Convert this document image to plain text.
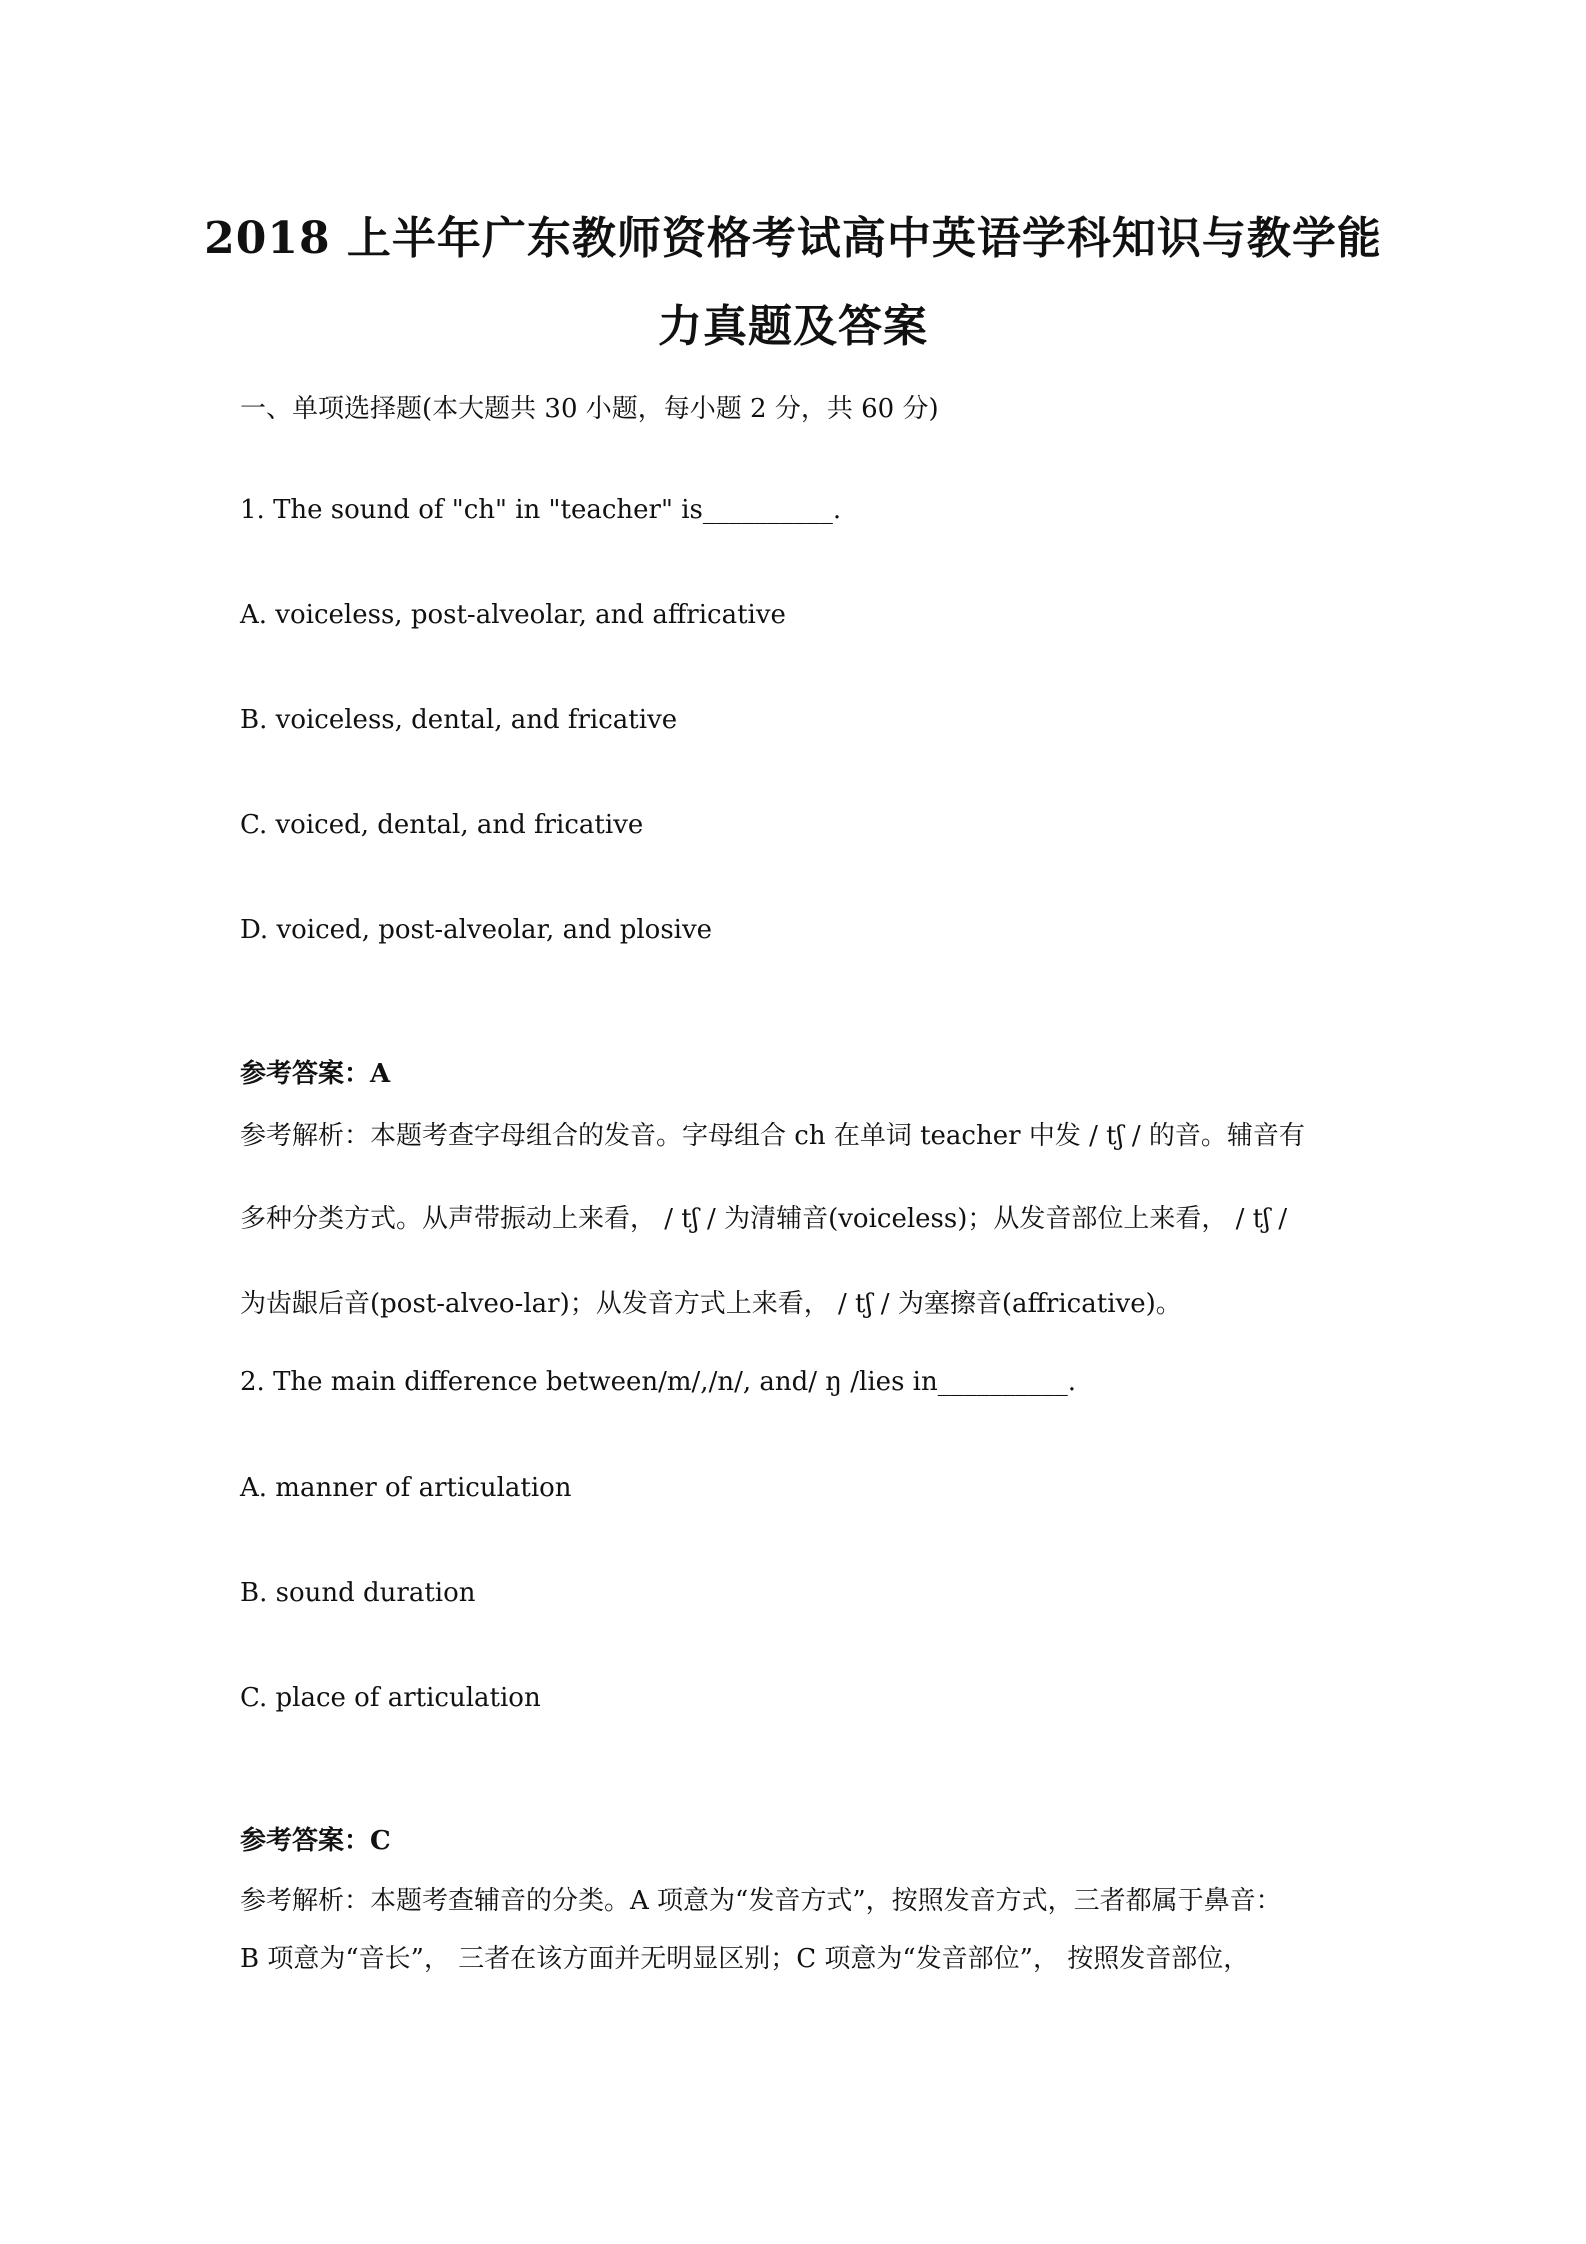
2018 上半年广东教师资格考试高中英语学科知识与教学能
力真题及答案
一、单项选择题(本大题共 30 小题，每小题 2 分，共 60 分)
1. The sound of "ch" in "teacher" is__________.
A. voiceless, post-alveolar, and affricative
B. voiceless, dental, and fricative
C. voiced, dental, and fricative
D. voiced, post-alveolar, and plosive
参考答案：A
参考解析：本题考查字母组合的发音。字母组合 ch 在单词 teacher 中发 / tʃ / 的音。辅音有
多种分类方式。从声带振动上来看， / tʃ / 为清辅音(voiceless)；从发音部位上来看， / tʃ /
为齿龈后音(post-alveo-lar)；从发音方式上来看， / tʃ / 为塞擦音(affricative)。
2. The main difference between/m/,/n/, and/ ŋ /lies in__________.
A. manner of articulation
B. sound duration
C. place of articulation
参考答案：C
参考解析：本题考查辅音的分类。A 项意为“发音方式”，按照发音方式，三者都属于鼻音：
B 项意为“音长”， 三者在该方面并无明显区别；C 项意为“发音部位”， 按照发音部位，
